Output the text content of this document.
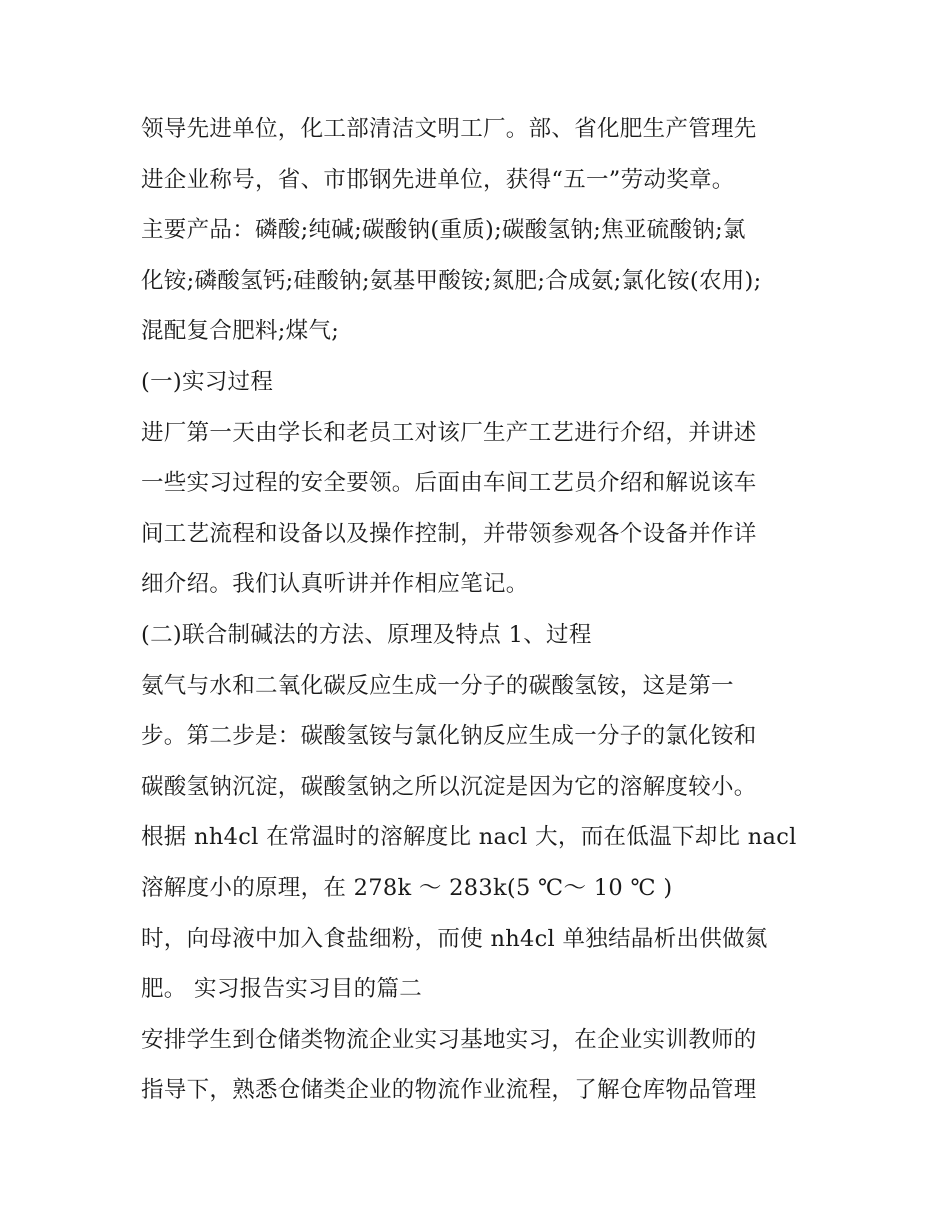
领导先进单位，化工部清洁文明工厂。部、省化肥生产管理先
进企业称号，省、市邯钢先进单位，获得“五一”劳动奖章。
主要产品：磷酸;纯碱;碳酸钠(重质);碳酸氢钠;焦亚硫酸钠;氯
化铵;磷酸氢钙;硅酸钠;氨基甲酸铵;氮肥;合成氨;氯化铵(农用);
混配复合肥料;煤气;
(一)实习过程
进厂第一天由学长和老员工对该厂生产工艺进行介绍，并讲述
一些实习过程的安全要领。后面由车间工艺员介绍和解说该车
间工艺流程和设备以及操作控制，并带领参观各个设备并作详
细介绍。我们认真听讲并作相应笔记。
(二)联合制碱法的方法、原理及特点 1、过程
氨气与水和二氧化碳反应生成一分子的碳酸氢铵，这是第一
步。第二步是：碳酸氢铵与氯化钠反应生成一分子的氯化铵和
碳酸氢钠沉淀，碳酸氢钠之所以沉淀是因为它的溶解度较小。
根据 nh4cl 在常温时的溶解度比 nacl 大，而在低温下却比 nacl
溶解度小的原理，在 278k ～ 283k(5 ℃～ 10 ℃ )
时，向母液中加入食盐细粉，而使 nh4cl 单独结晶析出供做氮
肥。 实习报告实习目的篇二
安排学生到仓储类物流企业实习基地实习，在企业实训教师的
指导下，熟悉仓储类企业的物流作业流程，了解仓库物品管理
